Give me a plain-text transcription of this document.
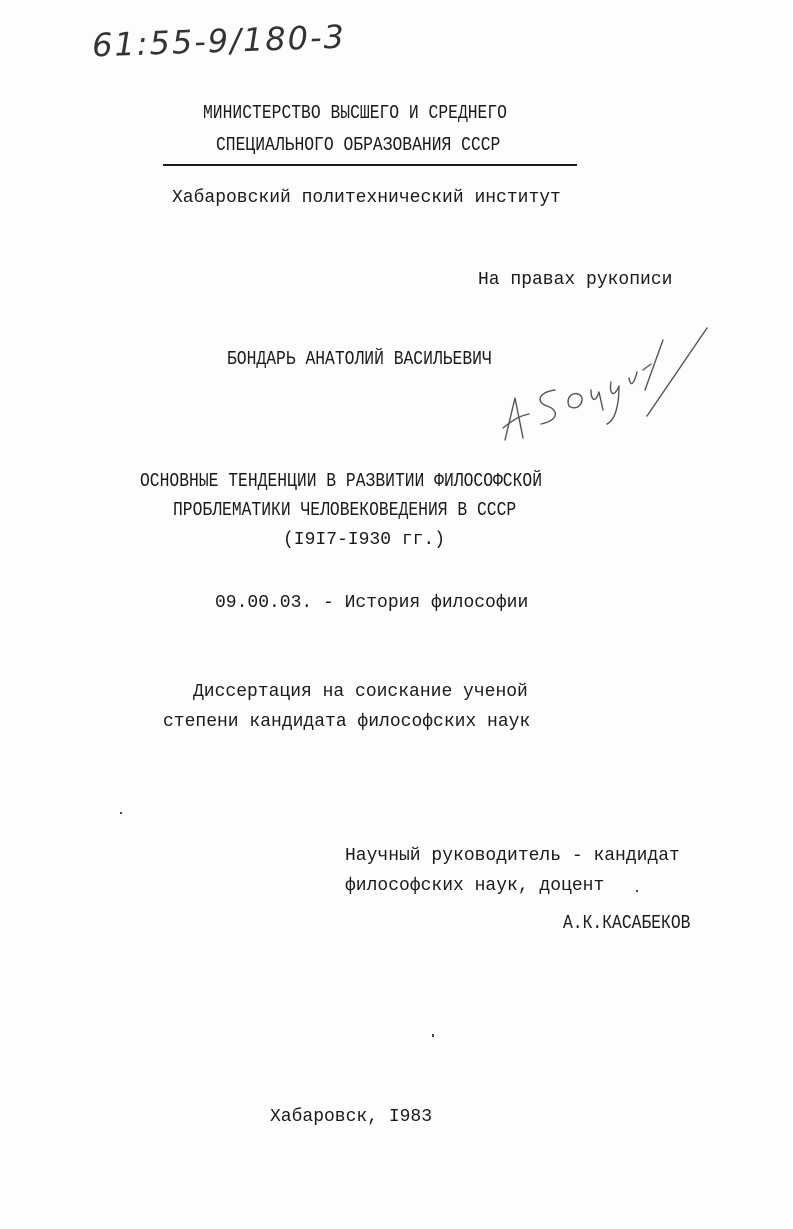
61:55-9/180-3
МИНИСТЕРСТВО ВЫСШЕГО И СРЕДНЕГО
СПЕЦИАЛЬНОГО ОБРАЗОВАНИЯ СССР
Хабаровский политехнический институт
На правах рукописи
БОНДАРЬ АНАТОЛИЙ ВАСИЛЬЕВИЧ
ОСНОВНЫЕ ТЕНДЕНЦИИ В РАЗВИТИИ ФИЛОСОФСКОЙ
ПРОБЛЕМАТИКИ ЧЕЛОВЕКОВЕДЕНИЯ В СССР
(I9I7-I930 гг.)
09.00.03. - История философии
Диссертация на соискание ученой
степени кандидата философских наук
Научный руководитель - кандидат
философских наук, доцент
А.К.КАСАБЕКОВ
Хабаровск, I983
